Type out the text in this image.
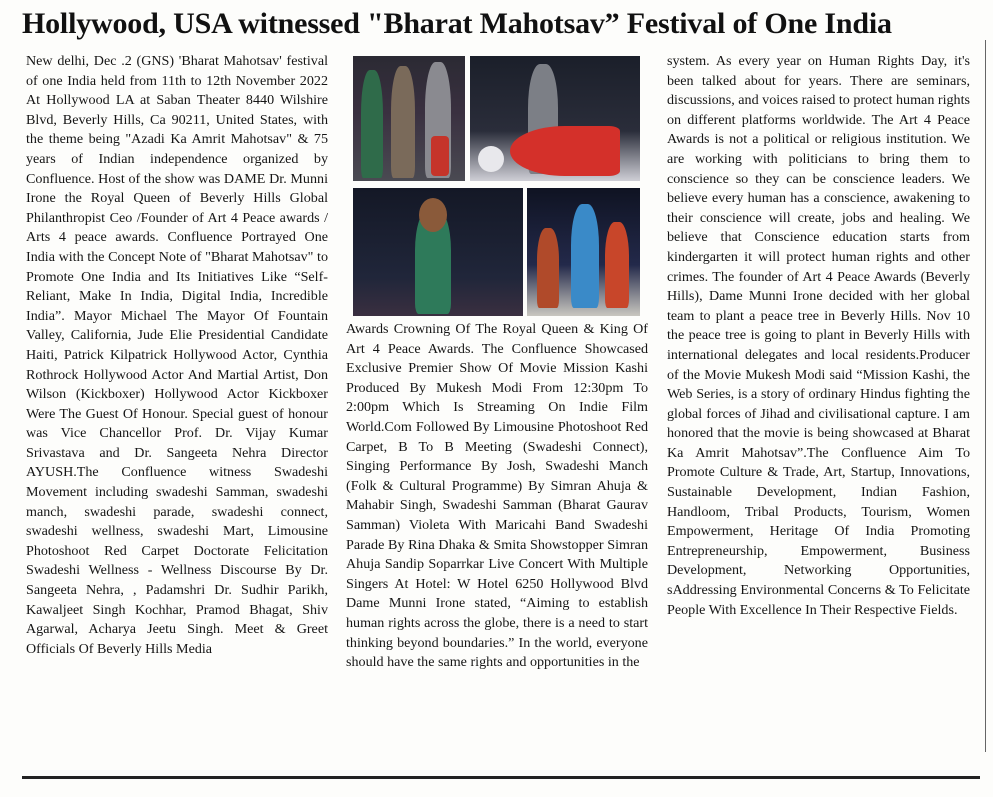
Hollywood, USA witnessed "Bharat Mahotsav” Festival of One India
New delhi, Dec .2 (GNS) 'Bharat Mahotsav' festival of one India held from 11th to 12th November 2022 At Hollywood LA at Saban Theater 8440 Wilshire Blvd, Beverly Hills, Ca 90211, United States, with the theme being "Azadi Ka Amrit Mahotsav" & 75 years of Indian independence organized by Confluence. Host of the show was DAME Dr. Munni Irone the Royal Queen of Beverly Hills Global Philanthropist Ceo /Founder of Art 4 Peace awards / Arts 4 peace awards. Confluence Portrayed One India with the Concept Note of "Bharat Mahotsav" to Promote One India and Its Initiatives Like “Self-Reliant, Make In India, Digital India, Incredible India”. Mayor Michael The Mayor Of Fountain Valley, California, Jude Elie Presidential Candidate Haiti, Patrick Kilpatrick Hollywood Actor, Cynthia Rothrock Hollywood Actor And Martial Artist, Don Wilson (Kickboxer) Hollywood Actor Kickboxer Were The Guest Of Honour. Special guest of honour was Vice Chancellor Prof. Dr. Vijay Kumar Srivastava and Dr. Sangeeta Nehra Director AYUSH.The Confluence witness Swadeshi Movement including swadeshi Samman, swadeshi manch, swadeshi parade, swadeshi connect, swadeshi wellness, swadeshi Mart, Limousine Photoshoot Red Carpet Doctorate Felicitation Swadeshi Wellness - Wellness Discourse By Dr. Sangeeta Nehra, , Padamshri Dr. Sudhir Parikh, Kawaljeet Singh Kochhar, Pramod Bhagat, Shiv Agarwal, Acharya Jeetu Singh. Meet & Greet Officials Of Beverly Hills Media
Awards Crowning Of The Royal Queen & King Of Art 4 Peace Awards. The Confluence Showcased Exclusive Premier Show Of Movie Mission Kashi Produced By Mukesh Modi From 12:30pm To 2:00pm Which Is Streaming On Indie Film World.Com Followed By Limousine Photoshoot Red Carpet, B To B Meeting (Swadeshi Connect), Singing Performance By Josh, Swadeshi Manch (Folk & Cultural Programme) By Simran Ahuja & Mahabir Singh, Swadeshi Samman (Bharat Gaurav Samman) Violeta With Maricahi Band Swadeshi Parade By Rina Dhaka & Smita Showstopper Simran Ahuja Sandip Soparrkar Live Concert With Multiple Singers At Hotel: W Hotel 6250 Hollywood Blvd Dame Munni Irone stated, “Aiming to establish human rights across the globe, there is a need to start thinking beyond boundaries.” In the world, everyone should have the same rights and opportunities in the
system. As every year on Human Rights Day, it's been talked about for years. There are seminars, discussions, and voices raised to protect human rights on different platforms worldwide. The Art 4 Peace Awards is not a political or religious institution. We are working with politicians to bring them to conscience so they can be conscience leaders. We believe every human has a conscience, awakening to their conscience will create, jobs and healing. We believe that Conscience education starts from kindergarten it will protect human rights and other crimes. The founder of Art 4 Peace Awards (Beverly Hills), Dame Munni Irone decided with her global team to plant a peace tree in Beverly Hills. Nov 10 the peace tree is going to plant in Beverly Hills with international delegates and local residents.Producer of the Movie Mukesh Modi said “Mission Kashi, the Web Series, is a story of ordinary Hindus fighting the global forces of Jihad and civilisational capture. I am honored that the movie is being showcased at Bharat Ka Amrit Mahotsav”.The Confluence Aim To Promote Culture & Trade, Art, Startup, Innovations, Sustainable Development, Indian Fashion, Handloom, Tribal Products, Tourism, Women Empowerment, Heritage Of India Promoting Entrepreneurship, Empowerment, Business Development, Networking Opportunities, sAddressing Environmental Concerns & To Felicitate People With Excellence In Their Respective Fields.
